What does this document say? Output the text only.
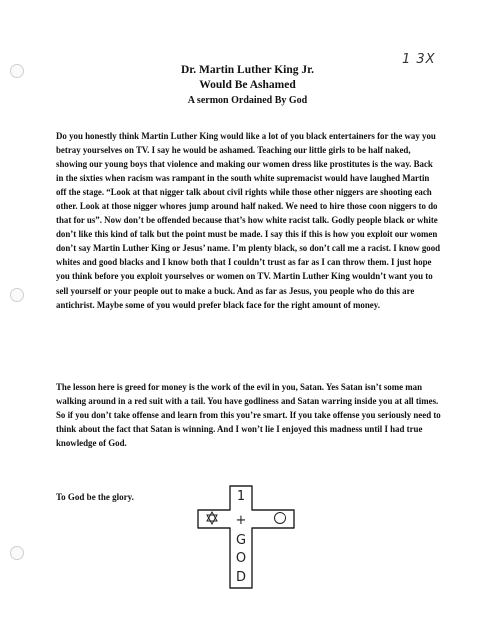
1 3X
Dr. Martin Luther King Jr.
Would Be Ashamed
A sermon Ordained By God
Do you honestly think Martin Luther King would like a lot of you black entertainers for the way you betray yourselves on TV. I say he would be ashamed. Teaching our little girls to be half naked, showing our young boys that violence and making our women dress like prostitutes is the way. Back in the sixties when racism was rampant in the south white supremacist would have laughed Martin off the stage. “Look at that nigger talk about civil rights while those other niggers are shooting each other. Look at those nigger whores jump around half naked. We need to hire those coon niggers to do that for us”. Now don’t be offended because that’s how white racist talk. Godly people black or white don’t like this kind of talk but the point must be made. I say this if this is how you exploit our women don’t say Martin Luther King or Jesus’ name. I’m plenty black, so don’t call me a racist. I know good whites and good blacks and I know both that I couldn’t trust as far as I can throw them. I just hope you think before you exploit yourselves or women on TV. Martin Luther King wouldn’t want you to sell yourself or your people out to make a buck. And as far as Jesus, you people who do this are antichrist. Maybe some of you would prefer black face for the right amount of money.
The lesson here is greed for money is the work of the evil in you, Satan. Yes Satan isn’t some man walking around in a red suit with a tail. You have godliness and Satan warring inside you at all times. So if you don’t take offense and learn from this you’re smart. If you take offense you seriously need to think about the fact that Satan is winning. And I won’t lie I enjoyed this madness until I had true knowledge of God.
To God be the glory.	1
+
G
O
D
